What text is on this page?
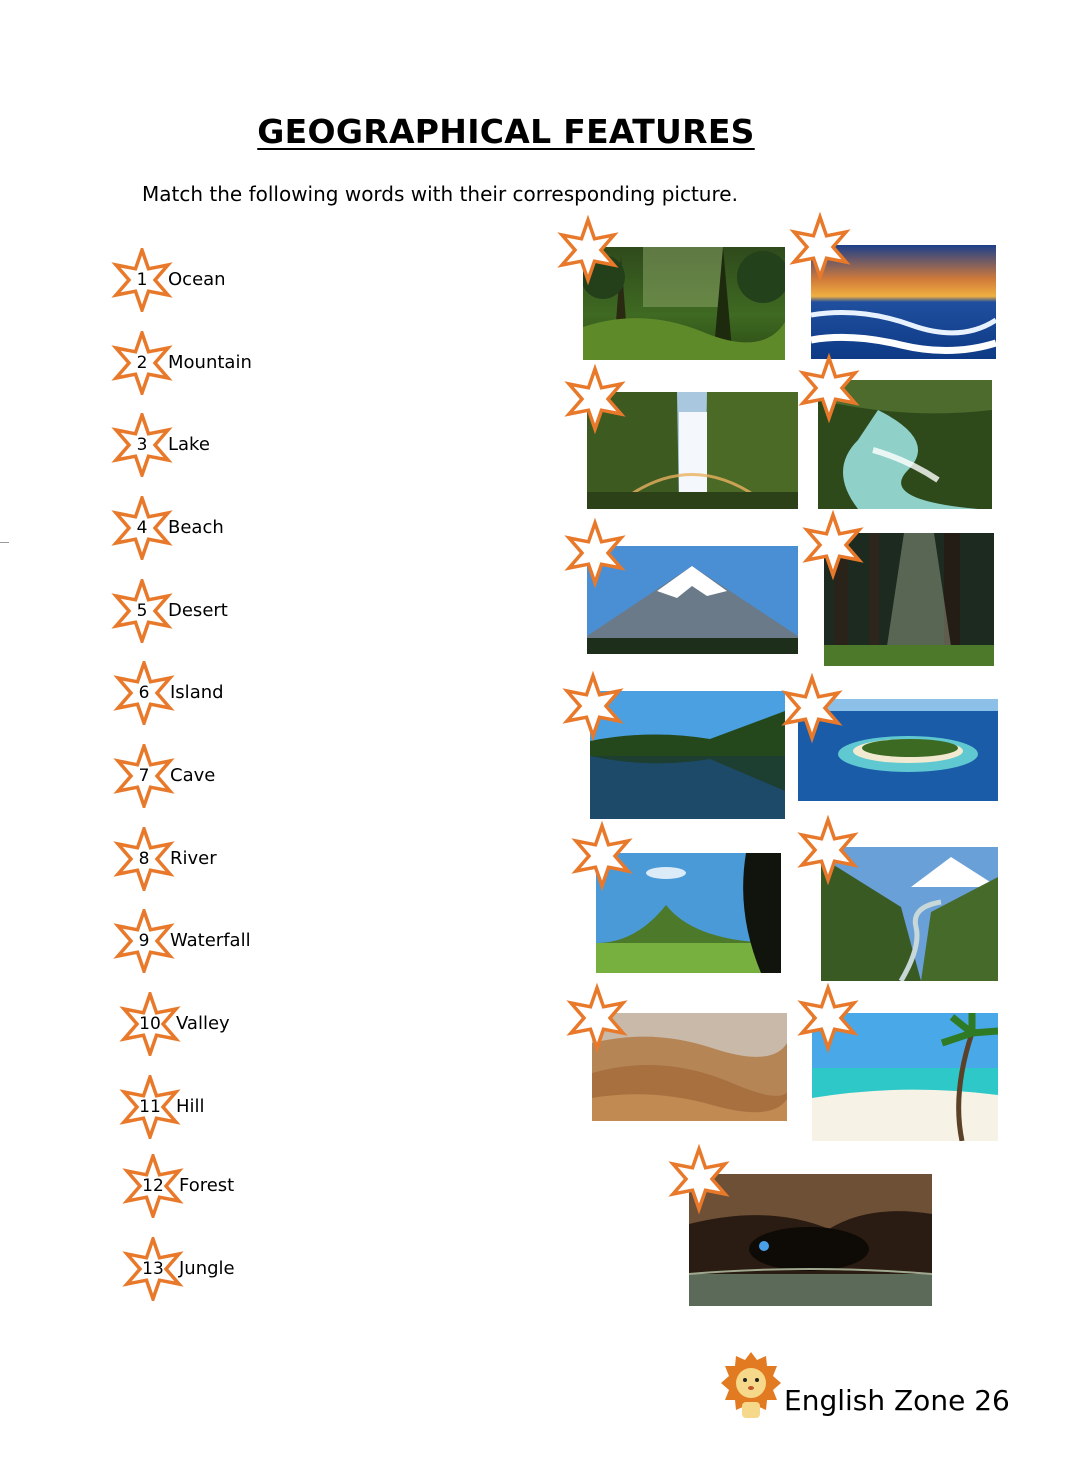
GEOGRAPHICAL FEATURES
Match the following words with their corresponding picture.
1	Ocean
2	Mountain
3	Lake
4	Beach
5	Desert
6	Island
7	Cave
8	River
9	Waterfall
10 Valley
11 Hill
12 Forest
13 Jungle
English Zone 26
